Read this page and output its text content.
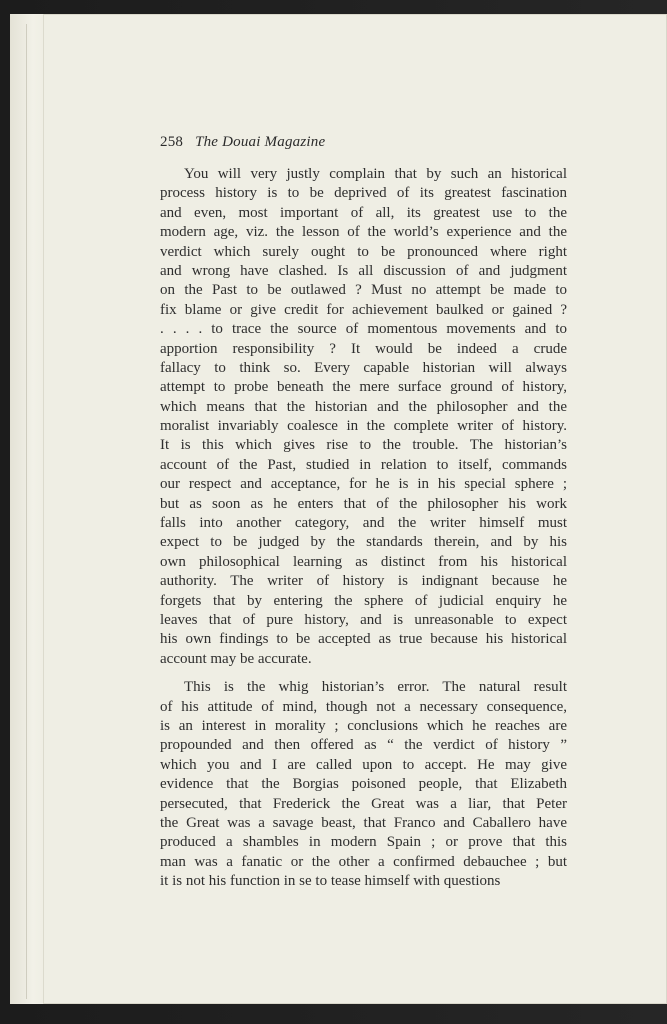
258 The Douai Magazine
You will very justly complain that by such an historical
process history is to be deprived of its greatest fascination
and even, most important of all, its greatest use to the
modern age, viz. the lesson of the world’s experience and the
verdict which surely ought to be pronounced where right
and wrong have clashed. Is all discussion of and judgment
on the Past to be outlawed ? Must no attempt be made to
fix blame or give credit for achievement baulked or gained ?
. . . . to trace the source of momentous movements and to
apportion responsibility ? It would be indeed a crude
fallacy to think so. Every capable historian will always
attempt to probe beneath the mere surface ground of history,
which means that the historian and the philosopher and the
moralist invariably coalesce in the complete writer of history.
It is this which gives rise to the trouble. The historian’s
account of the Past, studied in relation to itself, commands
our respect and acceptance, for he is in his special sphere ;
but as soon as he enters that of the philosopher his work
falls into another category, and the writer himself must
expect to be judged by the standards therein, and by his
own philosophical learning as distinct from his historical
authority. The writer of history is indignant because he
forgets that by entering the sphere of judicial enquiry he
leaves that of pure history, and is unreasonable to expect
his own findings to be accepted as true because his historical
account may be accurate.
This is the whig historian’s error. The natural result
of his attitude of mind, though not a necessary consequence,
is an interest in morality ; conclusions which he reaches are
propounded and then offered as “ the verdict of history ”
which you and I are called upon to accept. He may give
evidence that the Borgias poisoned people, that Elizabeth
persecuted, that Frederick the Great was a liar, that Peter
the Great was a savage beast, that Franco and Caballero have
produced a shambles in modern Spain ; or prove that this
man was a fanatic or the other a confirmed debauchee ; but
it is not his function in se to tease himself with questions
